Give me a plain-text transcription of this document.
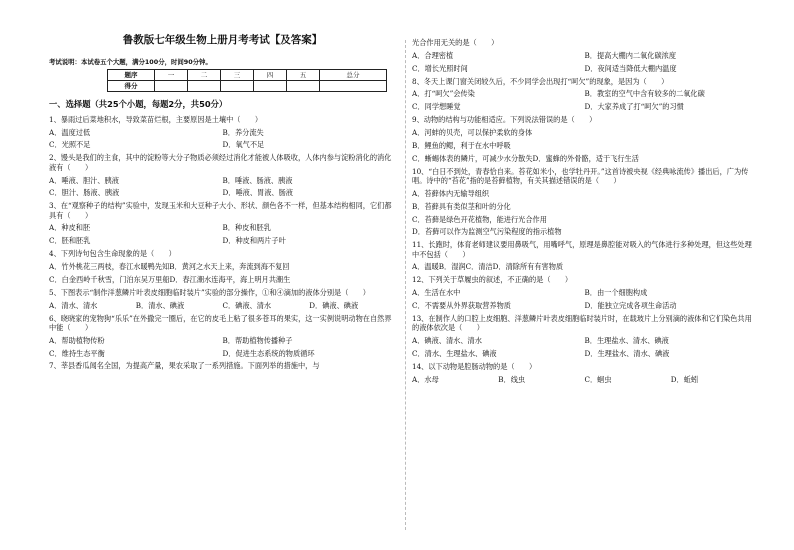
鲁教版七年级生物上册月考考试【及答案】
考试说明：本试卷五个大题，满分100分，时间90分钟。
题序	一	二	三	四	五	总分
得分						
一、选择题（共25个小题，每题2分，共50分）
1、暴雨过后菜地积水，导致菜苗烂根，主要原因是土壤中（　　）
A．温度过低	B．养分流失
C．光照不足	D．氧气不足
2、馒头是我们的主食，其中的淀粉等大分子物质必须经过消化才能被人体吸收，人体内参与淀粉消化的消化液有（　　）
A．唾液、胆汁、胰液	B．唾液、肠液、胰液
C．胆汁、肠液、胰液	D．唾液、胃液、肠液
3、在“观察种子的结构”实验中，发现玉米和大豆种子大小、形状、颜色各不一样，但基本结构相同，它们都具有（　　）
A．种皮和胚	B．种皮和胚乳
C．胚和胚乳	D．种皮和两片子叶
4、下列诗句包含生命现象的是（　　）
A．竹外桃花三两枝，春江水暖鸭先知B．黄河之水天上来，奔流到海不复回
C．白金西岭千秋雪，门泊东吴万里船D．春江潮水连海平，海上明月共潮生
5、下图表示“制作洋葱鳞片叶表皮细胞临时装片”实验的部分操作，①和④滴加的液体分别是（　　）
A．清水、清水	B．清水、碘液	C．碘液、清水	D．碘液、碘液
6、晓晓家的宠物狗“乐乐”在外撒完一圈后，在它的皮毛上粘了很多苍耳的果实，这一实例说明动物在自然界中能（　　）
A．帮助植物传粉	B．帮助植物传播种子
C．维持生态平衡	D．促进生态系统的物质循环
7、莘县香瓜闻名全国，为提高产量，果农采取了一系列措施。下面列举的措施中，与
光合作用无关的是（　　）
A．合理密植	B．提高大棚内二氧化碳浓度
C．增长光照时间	D．夜间适当降低大棚内温度
8、冬天上课门窗关闭较久后，不少同学会出现打“呵欠”的现象，是因为（　　）
A．打“呵欠”会传染	B．教室的空气中含有较多的二氧化碳
C．同学想睡觉	D．大家养成了打“呵欠”的习惯
9、动物的结构与功能相适应。下列说法错误的是（　　）
A．河蚌的贝壳，可以保护柔软的身体
B．鲤鱼的鳃，利于在水中呼吸
C．蜥蜴体表的鳞片，可减少水分散失D．蜜蜂的外骨骼，适于飞行生活
10、“白日不到处，青春恰自来。苔花如米小，也学牡丹开。”这首诗被央视《经典咏流传》播出后，广为传唱。诗中的“苔花”指的是苔藓植物，有关其描述错误的是（　　）
A．苔藓体内无输导组织
B．苔藓具有类似茎和叶的分化
C．苔藓是绿色开花植物，能进行光合作用
D．苔藓可以作为监测空气污染程度的指示植物
11、长跑时，体育老师建议要用鼻吸气，用嘴呼气，原理是鼻腔能对吸入的气体进行多种处理，但这些处理中不包括（　　）
A．温暖B．湿润C．清洁D．清除所有有害物质
12、下列关于草履虫的叙述，不正确的是（　　）
A．生活在水中	B．由一个细胞构成
C．不需要从外界获取营养物质	D．能独立完成各项生命活动
13、在制作人的口腔上皮细胞、洋葱鳞片叶表皮细胞临时装片时，在载玻片上分别滴的液体和它们染色共用的液体依次是（　　）
A．碘液、清水、清水	B．生理盐水、清水、碘液
C．清水、生理盐水、碘液	D．生理盐水、清水、碘液
14、以下动物是腔肠动物的是（　　）
A．水母	B．线虫	C．蛔虫	D．蚯蚓
